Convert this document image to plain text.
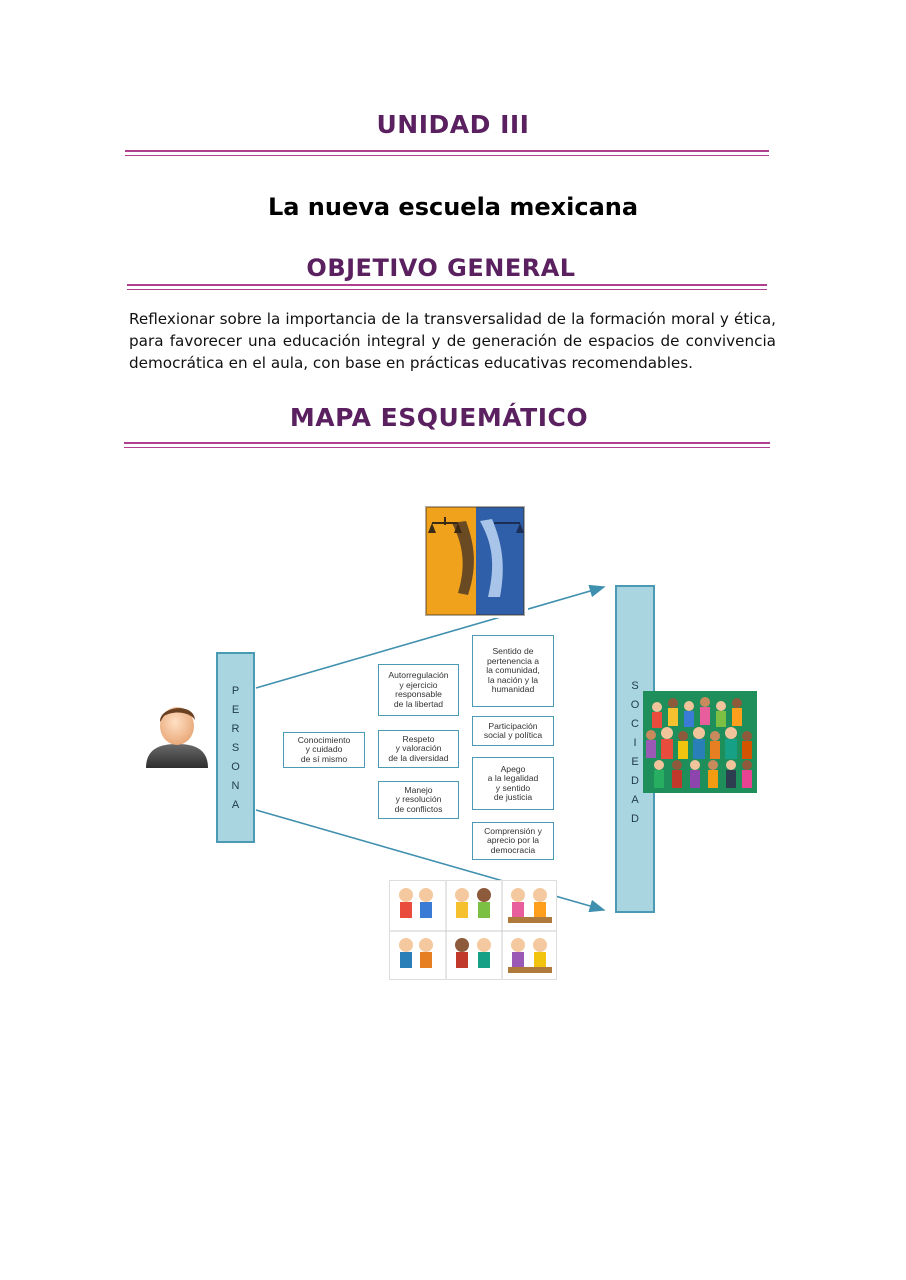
UNIDAD III
La nueva escuela mexicana
OBJETIVO GENERAL
Reflexionar sobre la importancia de la transversalidad de la formación moral y ética, para favorecer una educación integral y de generación de espacios de convivencia democrática en el aula, con base en prácticas educativas recomendables.
MAPA ESQUEMÁTICO
P
E
R
S
O
N
A
S
O
C
I
E
D
A
D
Conocimiento
y cuidado
de sí mismo
Autorregulación
y ejercicio
responsable
de la libertad
Respeto
y valoración
de la diversidad
Manejo
y resolución
de conflictos
Sentido de
pertenencia a
la comunidad,
la nación y la
humanidad
Participación
social y política
Apego
a la legalidad
y sentido
de justicia
Comprensión y
aprecio por la
democracia
